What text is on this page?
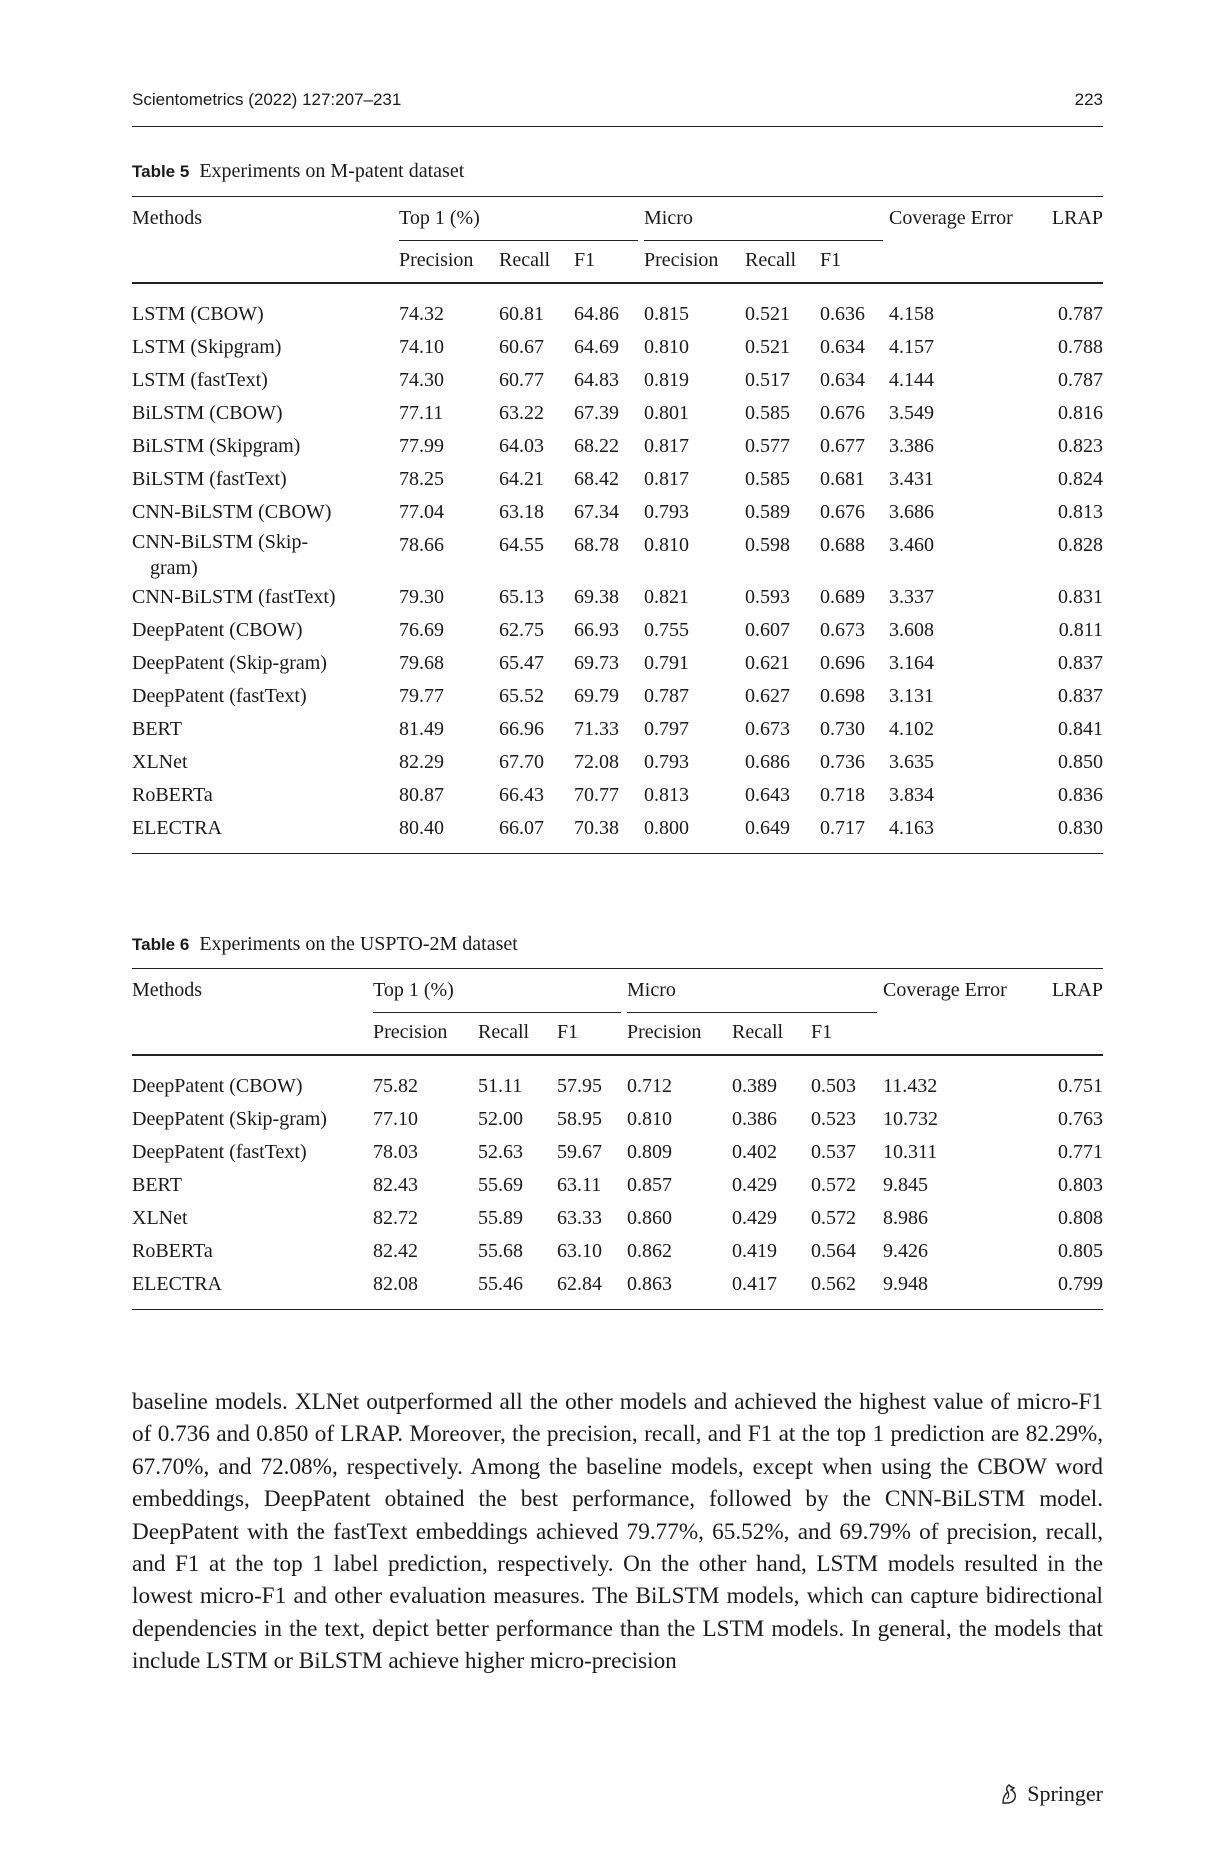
Scientometrics (2022) 127:207–231	223
Table 5 Experiments on M-patent dataset
Methods	Top 1 (%)			Micro			Coverage Error	LRAP
	Precision	Recall	F1	Precision	Recall	F1		
LSTM (CBOW)	74.32	60.81	64.86	0.815	0.521	0.636	4.158	0.787
LSTM (Skipgram)	74.10	60.67	64.69	0.810	0.521	0.634	4.157	0.788
LSTM (fastText)	74.30	60.77	64.83	0.819	0.517	0.634	4.144	0.787
BiLSTM (CBOW)	77.11	63.22	67.39	0.801	0.585	0.676	3.549	0.816
BiLSTM (Skipgram)	77.99	64.03	68.22	0.817	0.577	0.677	3.386	0.823
BiLSTM (fastText)	78.25	64.21	68.42	0.817	0.585	0.681	3.431	0.824
CNN-BiLSTM (CBOW)	77.04	63.18	67.34	0.793	0.589	0.676	3.686	0.813
CNN-BiLSTM (Skip-
gram)	78.66	64.55	68.78	0.810	0.598	0.688	3.460	0.828
CNN-BiLSTM (fastText)	79.30	65.13	69.38	0.821	0.593	0.689	3.337	0.831
DeepPatent (CBOW)	76.69	62.75	66.93	0.755	0.607	0.673	3.608	0.811
DeepPatent (Skip-gram)	79.68	65.47	69.73	0.791	0.621	0.696	3.164	0.837
DeepPatent (fastText)	79.77	65.52	69.79	0.787	0.627	0.698	3.131	0.837
BERT	81.49	66.96	71.33	0.797	0.673	0.730	4.102	0.841
XLNet	82.29	67.70	72.08	0.793	0.686	0.736	3.635	0.850
RoBERTa	80.87	66.43	70.77	0.813	0.643	0.718	3.834	0.836
ELECTRA	80.40	66.07	70.38	0.800	0.649	0.717	4.163	0.830
Table 6 Experiments on the USPTO-2M dataset
Methods	Top 1 (%)			Micro			Coverage Error	LRAP
	Precision	Recall	F1	Precision	Recall	F1		
DeepPatent (CBOW)	75.82	51.11	57.95	0.712	0.389	0.503	11.432	0.751
DeepPatent (Skip-gram)	77.10	52.00	58.95	0.810	0.386	0.523	10.732	0.763
DeepPatent (fastText)	78.03	52.63	59.67	0.809	0.402	0.537	10.311	0.771
BERT	82.43	55.69	63.11	0.857	0.429	0.572	9.845	0.803
XLNet	82.72	55.89	63.33	0.860	0.429	0.572	8.986	0.808
RoBERTa	82.42	55.68	63.10	0.862	0.419	0.564	9.426	0.805
ELECTRA	82.08	55.46	62.84	0.863	0.417	0.562	9.948	0.799
baseline models. XLNet outperformed all the other models and achieved the highest value of micro-F1 of 0.736 and 0.850 of LRAP. Moreover, the precision, recall, and F1 at the top 1 prediction are 82.29%, 67.70%, and 72.08%, respectively. Among the baseline models, except when using the CBOW word embeddings, DeepPatent obtained the best performance, followed by the CNN-BiLSTM model. DeepPatent with the fastText embeddings achieved 79.77%, 65.52%, and 69.79% of precision, recall, and F1 at the top 1 label prediction, respectively. On the other hand, LSTM models resulted in the lowest micro-F1 and other evaluation measures. The BiLSTM models, which can capture bidirectional dependencies in the text, depict better performance than the LSTM models. In general, the models that include LSTM or BiLSTM achieve higher micro-precision
Springer
